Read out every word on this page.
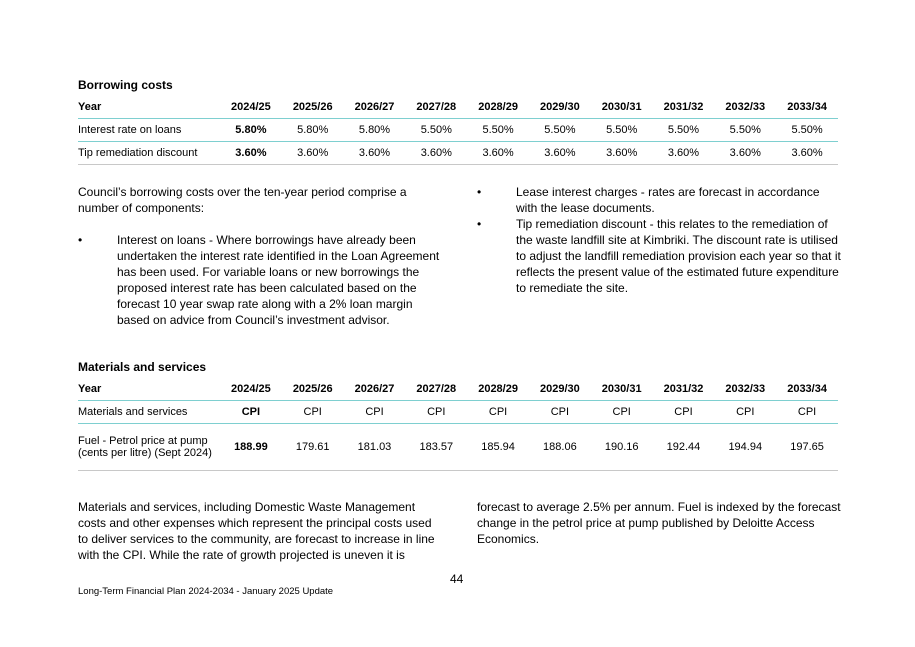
Borrowing costs
Year	2024/25	2025/26	2026/27	2027/28	2028/29	2029/30	2030/31	2031/32	2032/33	2033/34
Interest rate on loans	5.80%	5.80%	5.80%	5.50%	5.50%	5.50%	5.50%	5.50%	5.50%	5.50%
Tip remediation discount	3.60%	3.60%	3.60%	3.60%	3.60%	3.60%	3.60%	3.60%	3.60%	3.60%
Council’s borrowing costs over the ten-year period comprise a number of components:
•	Interest on loans - Where borrowings have already been undertaken the interest rate identified in the Loan Agreement has been used. For variable loans or new borrowings the proposed interest rate has been calculated based on the forecast 10 year swap rate along with a 2% loan margin based on advice from Council’s investment advisor.
•	Lease interest charges - rates are forecast in accordance with the lease documents.
•	Tip remediation discount - this relates to the remediation of the waste landfill site at Kimbriki. The discount rate is utilised to adjust the landfill remediation provision each year so that it reflects the present value of the estimated future expenditure to remediate the site.
Materials and services
Year	2024/25	2025/26	2026/27	2027/28	2028/29	2029/30	2030/31	2031/32	2032/33	2033/34
Materials and services	CPI	CPI	CPI	CPI	CPI	CPI	CPI	CPI	CPI	CPI
Fuel - Petrol price at pump (cents per litre) (Sept 2024)	188.99	179.61	181.03	183.57	185.94	188.06	190.16	192.44	194.94	197.65
Materials and services, including Domestic Waste Management costs and other expenses which represent the principal costs used to deliver services to the community, are forecast to increase in line with the CPI. While the rate of growth projected is uneven it is
forecast to average 2.5% per annum. Fuel is indexed by the forecast change in the petrol price at pump published by Deloitte Access Economics.
44
Long-Term Financial Plan 2024-2034 - January 2025 Update
